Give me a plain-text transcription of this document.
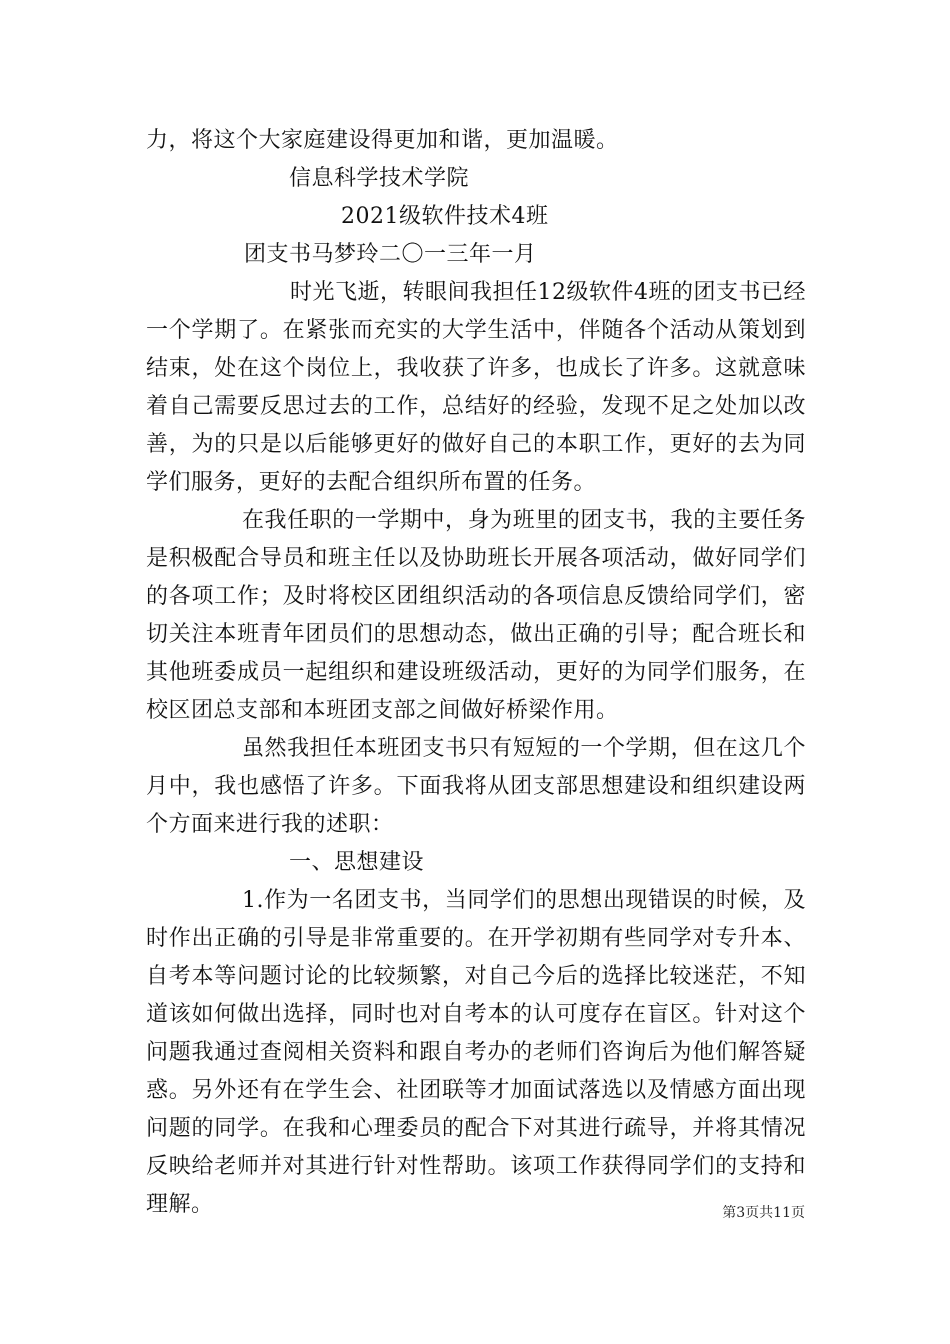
力，将这个大家庭建设得更加和谐，更加温暖。
信息科学技术学院
2021级软件技术4班
团支书马梦玲二〇一三年一月
时光飞逝，转眼间我担任12级软件4班的团支书已经一个学期了。在紧张而充实的大学生活中，伴随各个活动从策划到结束，处在这个岗位上，我收获了许多，也成长了许多。这就意味着自己需要反思过去的工作，总结好的经验，发现不足之处加以改善，为的只是以后能够更好的做好自己的本职工作，更好的去为同学们服务，更好的去配合组织所布置的任务。
在我任职的一学期中，身为班里的团支书，我的主要任务是积极配合导员和班主任以及协助班长开展各项活动，做好同学们的各项工作；及时将校区团组织活动的各项信息反馈给同学们，密切关注本班青年团员们的思想动态，做出正确的引导；配合班长和其他班委成员一起组织和建设班级活动，更好的为同学们服务，在校区团总支部和本班团支部之间做好桥梁作用。
虽然我担任本班团支书只有短短的一个学期，但在这几个月中，我也感悟了许多。下面我将从团支部思想建设和组织建设两个方面来进行我的述职：
一、思想建设
1.作为一名团支书，当同学们的思想出现错误的时候，及时作出正确的引导是非常重要的。在开学初期有些同学对专升本、自考本等问题讨论的比较频繁，对自己今后的选择比较迷茫，不知道该如何做出选择，同时也对自考本的认可度存在盲区。针对这个问题我通过查阅相关资料和跟自考办的老师们咨询后为他们解答疑惑。另外还有在学生会、社团联等才加面试落选以及情感方面出现问题的同学。在我和心理委员的配合下对其进行疏导，并将其情况反映给老师并对其进行针对性帮助。该项工作获得同学们的支持和理解。	第3页共11页
